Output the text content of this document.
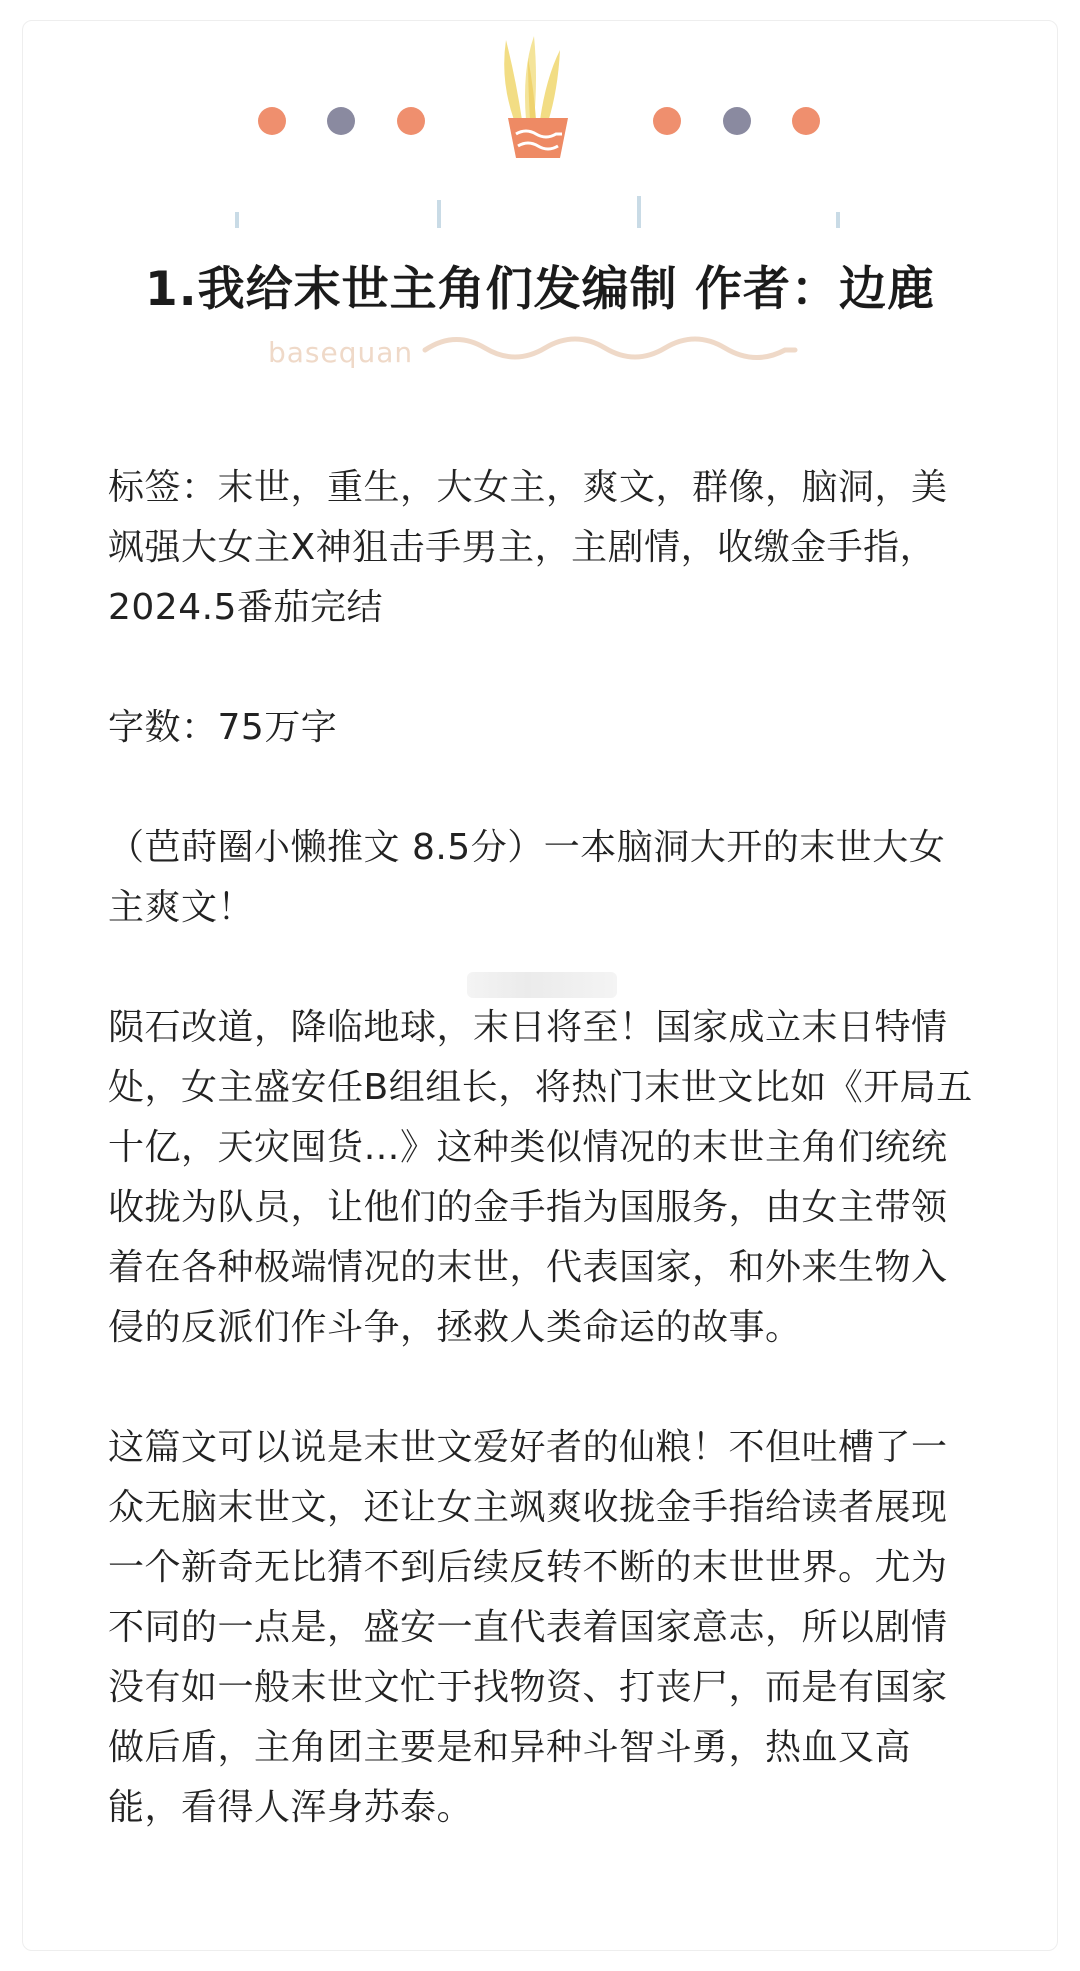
1.我给末世主角们发编制 作者：边鹿
basequan

标签：末世，重生，大女主，爽文，群像，脑洞，美飒强大女主X神狙击手男主，主剧情，收缴金手指，2024.5番茄完结

字数：75万字

（芭莳圈小懒推文 8.5分）一本脑洞大开的末世大女主爽文！

陨石改道，降临地球，末日将至！国家成立末日特情处，女主盛安任B组组长，将热门末世文比如《开局五十亿，天灾囤货…》这种类似情况的末世主角们统统收拢为队员，让他们的金手指为国服务，由女主带领着在各种极端情况的末世，代表国家，和外来生物入侵的反派们作斗争，拯救人类命运的故事。

这篇文可以说是末世文爱好者的仙粮！不但吐槽了一众无脑末世文，还让女主飒爽收拢金手指给读者展现一个新奇无比猜不到后续反转不断的末世世界。尤为不同的一点是，盛安一直代表着国家意志，所以剧情没有如一般末世文忙于找物资、打丧尸，而是有国家做后盾，主角团主要是和异种斗智斗勇，热血又高能，看得人浑身苏泰。
